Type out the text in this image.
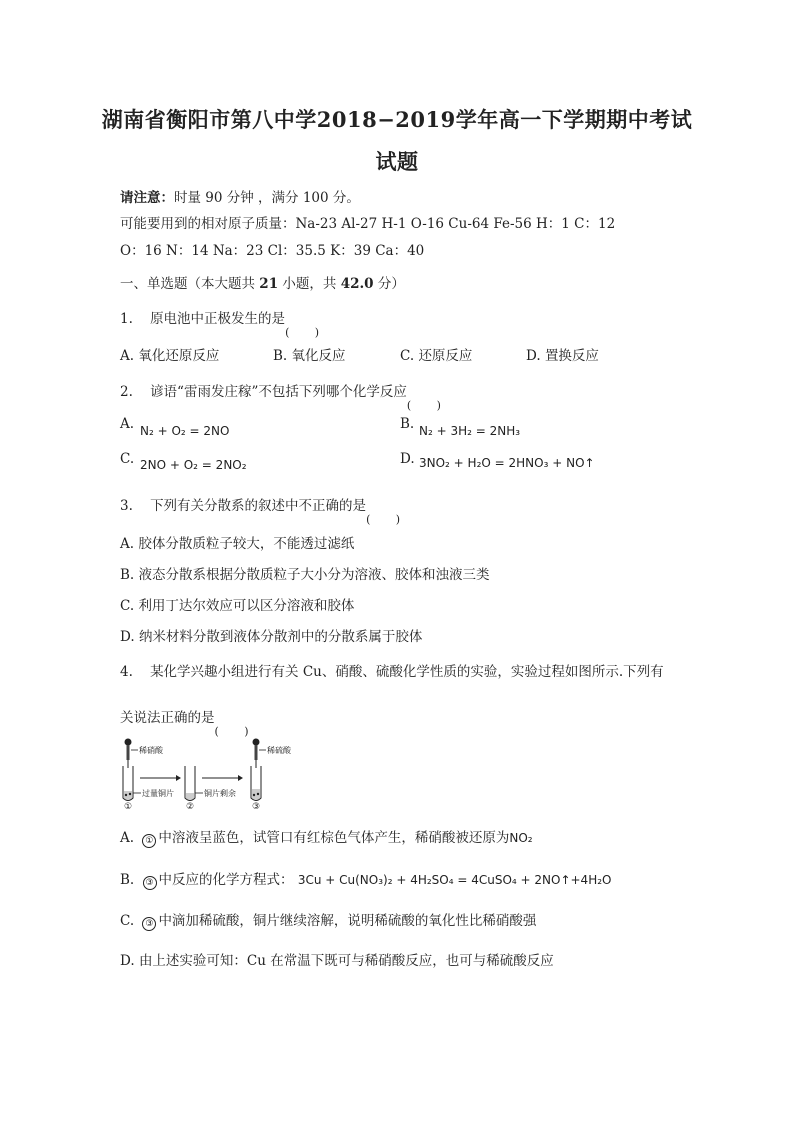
湖南省衡阳市第八中学2018−2019学年高一下学期期中考试
试题
请注意：时量 90 分钟 ，满分 100 分。
可能要用到的相对原子质量：Na-23 Al-27 H-1 O-16 Cu-64 Fe-56 H：1 C：12
O：16 N：14 Na：23 Cl：35.5 K：39 Ca：40
一、单选题（本大题共 21 小题，共 42.0 分）
1. 原电池中正极发生的是
A. 氧化还原反应	B. 氧化反应	C. 还原反应	D. 置换反应
2. 谚语“雷雨发庄稼”不包括下列哪个化学反应
A. N₂ + O₂ = 2NO	B. N₂ + 3H₂ = 2NH₃
C. 2NO + O₂ = 2NO₂	D. 3NO₂ + H₂O = 2HNO₃ + NO↑
3. 下列有关分散系的叙述中不正确的是
A. 胶体分散质粒子较大，不能透过滤纸
B. 液态分散系根据分散质粒子大小分为溶液、胶体和浊液三类
C. 利用丁达尔效应可以区分溶液和胶体
D. 纳米材料分散到液体分散剂中的分散系属于胶体
4. 某化学兴趣小组进行有关 Cu、硝酸、硫酸化学性质的实验，实验过程如图所示.下列有
关说法正确的是
稀硝酸
过量铜片	铜片剩余
稀硫酸
①	②	③
A. ① 中溶液呈蓝色，试管口有红棕色气体产生，稀硝酸被还原为NO₂
B. ③ 中反应的化学方程式： 3Cu + Cu(NO₃)₂ + 4H₂SO₄ = 4CuSO₄ + 2NO↑+4H₂O
C. ③ 中滴加稀硫酸，铜片继续溶解，说明稀硫酸的氧化性比稀硝酸强
D. 由上述实验可知：Cu 在常温下既可与稀硝酸反应，也可与稀硫酸反应
